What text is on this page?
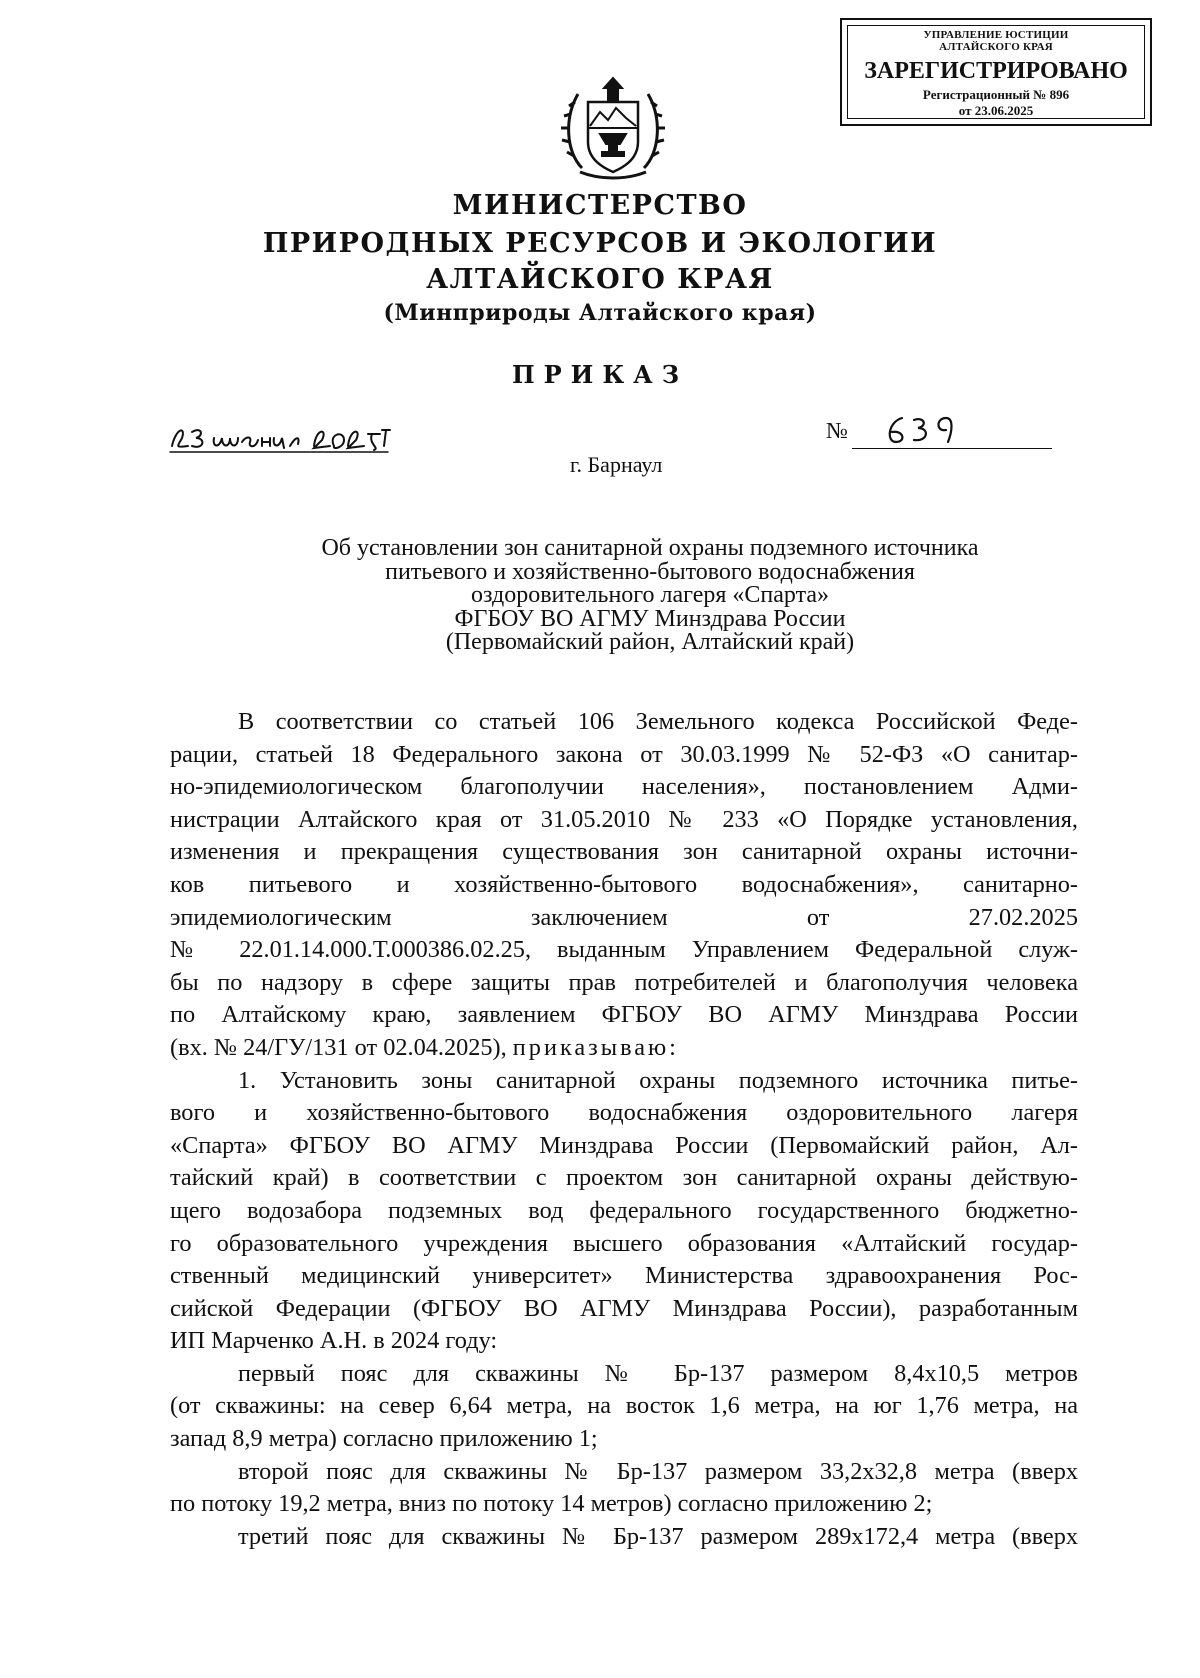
УПРАВЛЕНИЕ ЮСТИЦИИ
АЛТАЙСКОГО КРАЯ
ЗАРЕГИСТРИРОВАНО
Регистрационный № 896
от 23.06.2025
МИНИСТЕРСТВО
ПРИРОДНЫХ РЕСУРСОВ И ЭКОЛОГИИ
АЛТАЙСКОГО КРАЯ
(Минприроды Алтайского края)
ПРИКАЗ
№
г. Барнаул
Об установлении зон санитарной охраны подземного источника
питьевого и хозяйственно-бытового водоснабжения
оздоровительного лагеря «Спарта»
ФГБОУ ВО АГМУ Минздрава России
(Первомайский район, Алтайский край)
В соответствии со статьей 106 Земельного кодекса Российской Феде-
рации, статьей 18 Федерального закона от 30.03.1999 № 52-ФЗ «О санитар-
но-эпидемиологическом благополучии населения», постановлением Адми-
нистрации Алтайского края от 31.05.2010 № 233 «О Порядке установления,
изменения и прекращения существования зон санитарной охраны источни-
ков питьевого и хозяйственно-бытового водоснабжения», санитарно-
эпидемиологическим заключением от 27.02.2025
№ 22.01.14.000.Т.000386.02.25, выданным Управлением Федеральной служ-
бы по надзору в сфере защиты прав потребителей и благополучия человека
по Алтайскому краю, заявлением ФГБОУ ВО АГМУ Минздрава России
(вх. № 24/ГУ/131 от 02.04.2025), приказываю:
1. Установить зоны санитарной охраны подземного источника питье-
вого и хозяйственно-бытового водоснабжения оздоровительного лагеря
«Спарта» ФГБОУ ВО АГМУ Минздрава России (Первомайский район, Ал-
тайский край) в соответствии с проектом зон санитарной охраны действую-
щего водозабора подземных вод федерального государственного бюджетно-
го образовательного учреждения высшего образования «Алтайский государ-
ственный медицинский университет» Министерства здравоохранения Рос-
сийской Федерации (ФГБОУ ВО АГМУ Минздрава России), разработанным
ИП Марченко А.Н. в 2024 году:
первый пояс для скважины № Бр-137 размером 8,4х10,5 метров
(от скважины: на север 6,64 метра, на восток 1,6 метра, на юг 1,76 метра, на
запад 8,9 метра) согласно приложению 1;
второй пояс для скважины № Бр-137 размером 33,2х32,8 метра (вверх
по потоку 19,2 метра, вниз по потоку 14 метров) согласно приложению 2;
третий пояс для скважины № Бр-137 размером 289х172,4 метра (вверх
